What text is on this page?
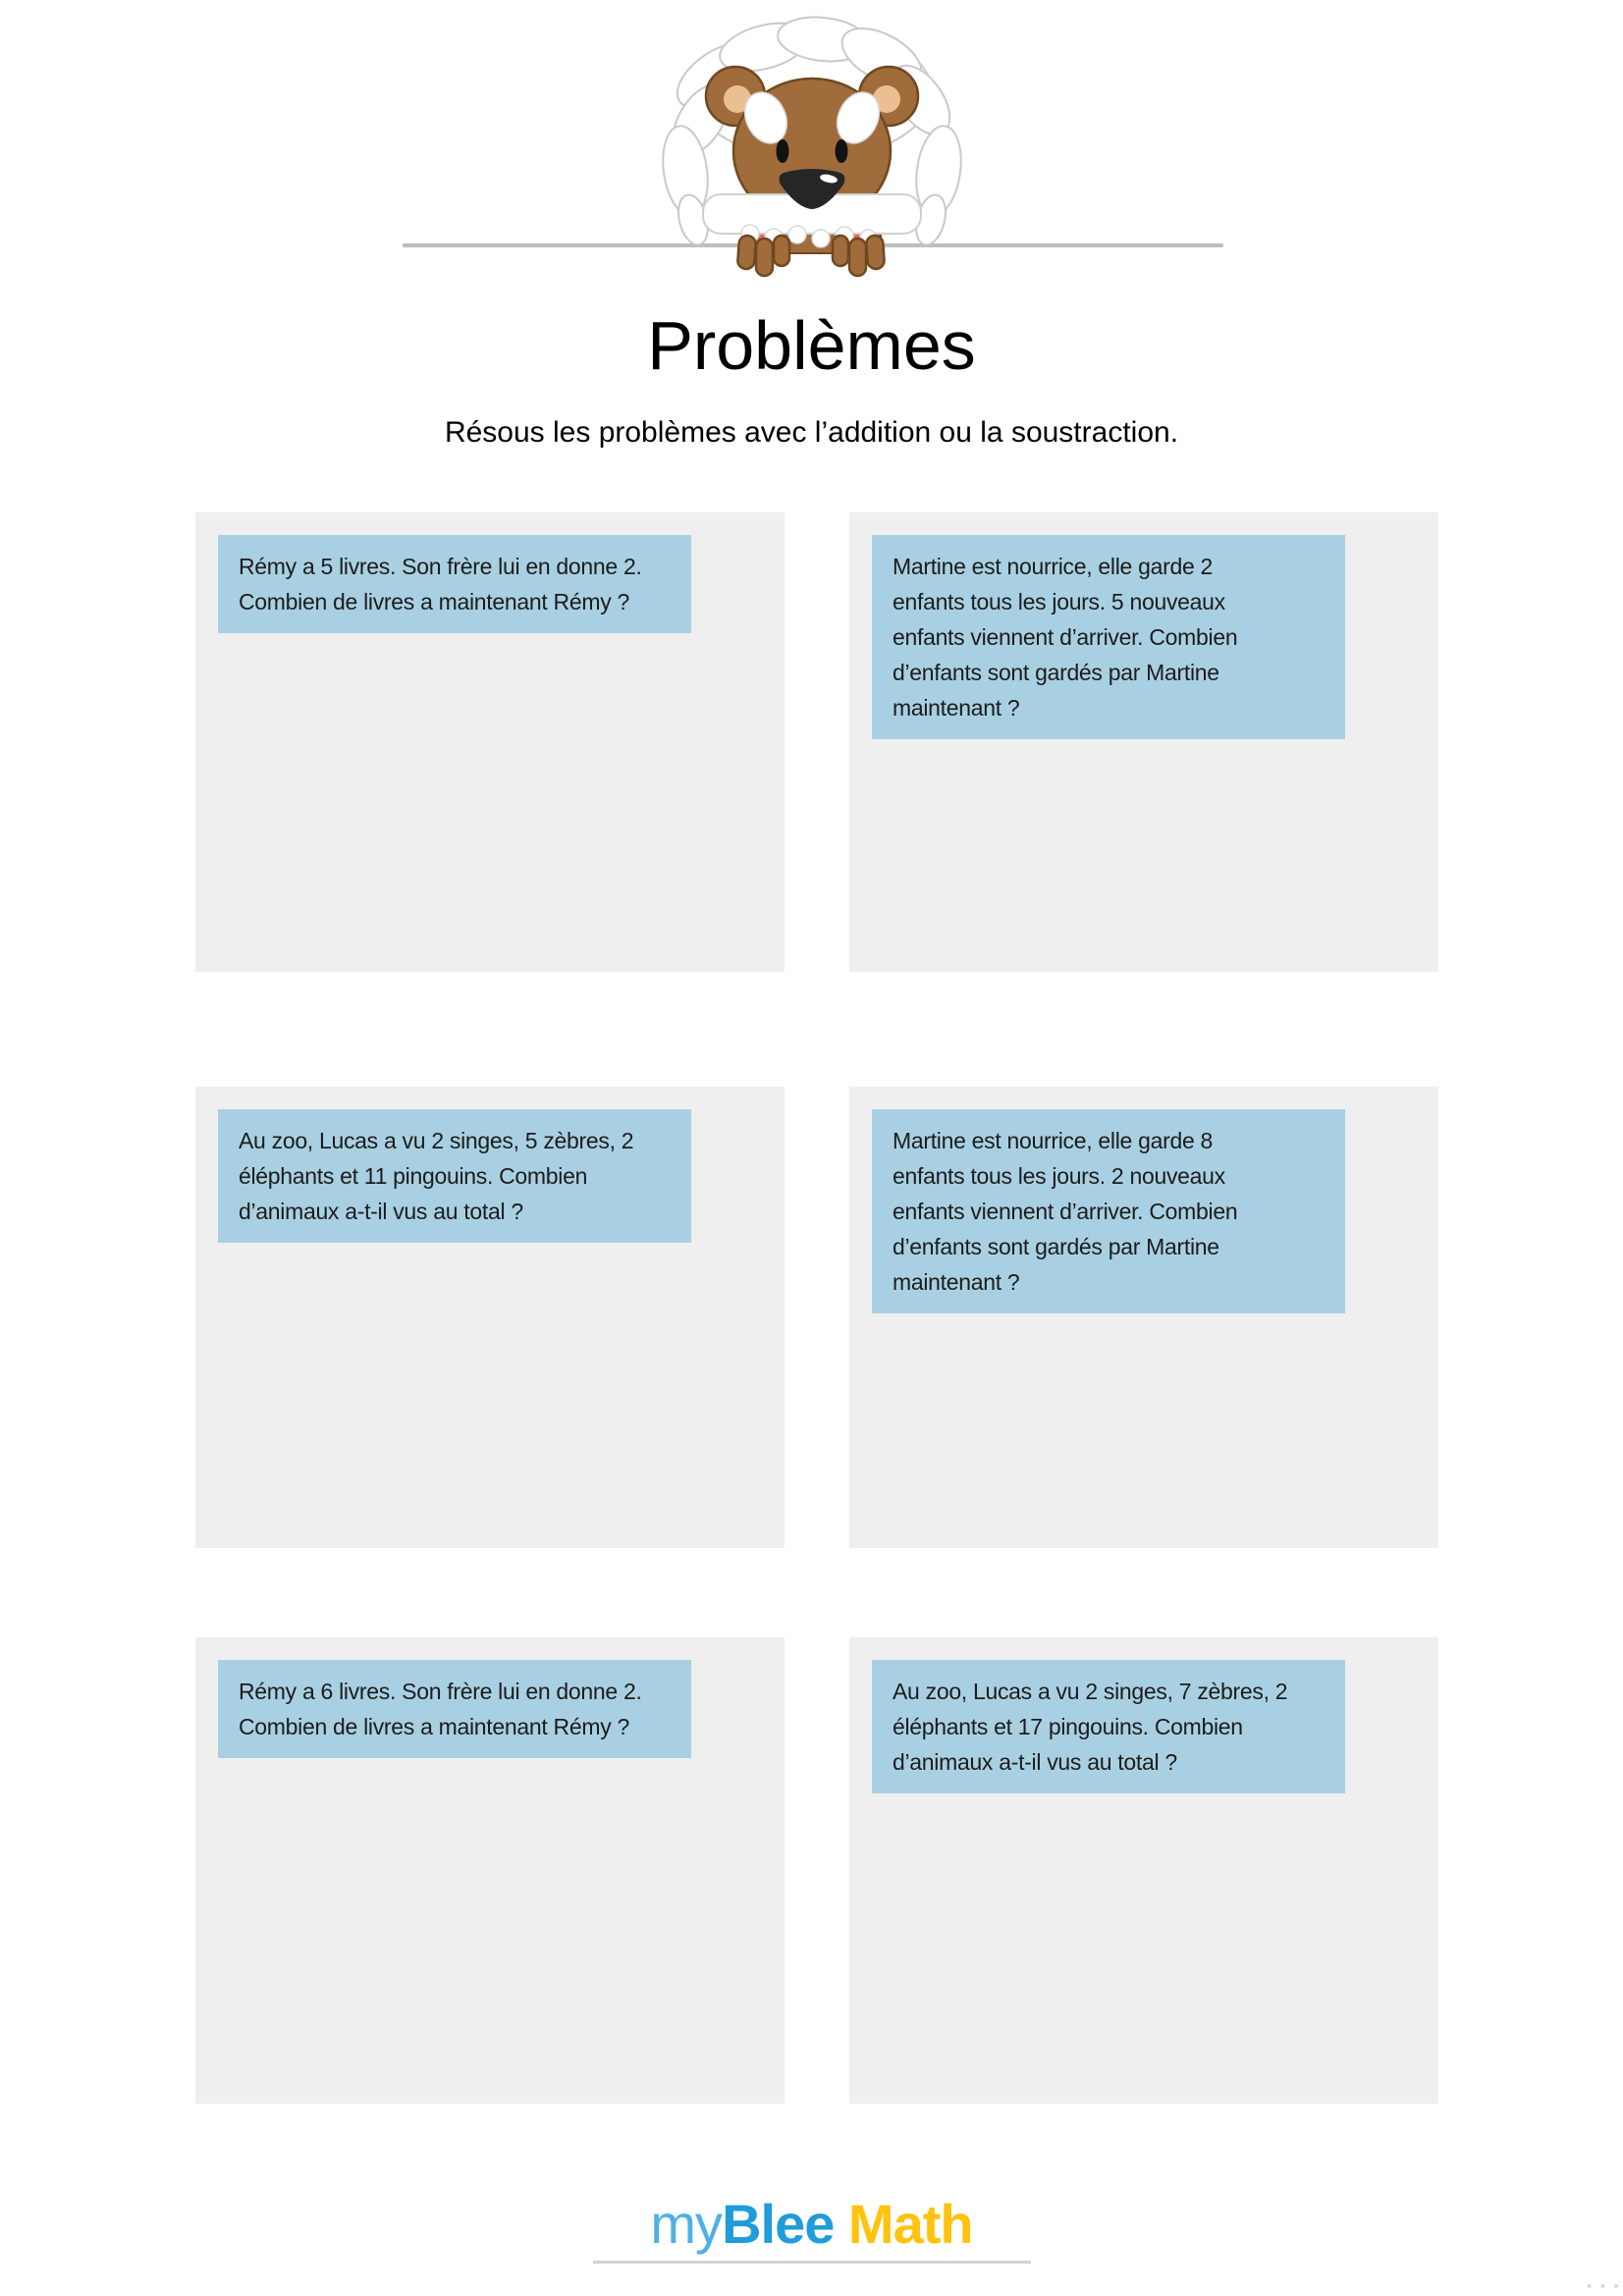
Problèmes
Résous les problèmes avec l’addition ou la soustraction.
Rémy a 5 livres. Son frère lui en donne 2.
Combien de livres a maintenant Rémy ?
Martine est nourrice, elle garde 2
enfants tous les jours. 5 nouveaux
enfants viennent d’arriver. Combien
d’enfants sont gardés par Martine
maintenant ?
Au zoo, Lucas a vu 2 singes, 5 zèbres, 2
éléphants et 11 pingouins. Combien
d’animaux a-t-il vus au total ?
Martine est nourrice, elle garde 8
enfants tous les jours. 2 nouveaux
enfants viennent d’arriver. Combien
d’enfants sont gardés par Martine
maintenant ?
Rémy a 6 livres. Son frère lui en donne 2.
Combien de livres a maintenant Rémy ?
Au zoo, Lucas a vu 2 singes, 7 zèbres, 2
éléphants et 17 pingouins. Combien
d’animaux a-t-il vus au total ?
myBlee Math
× × ×
